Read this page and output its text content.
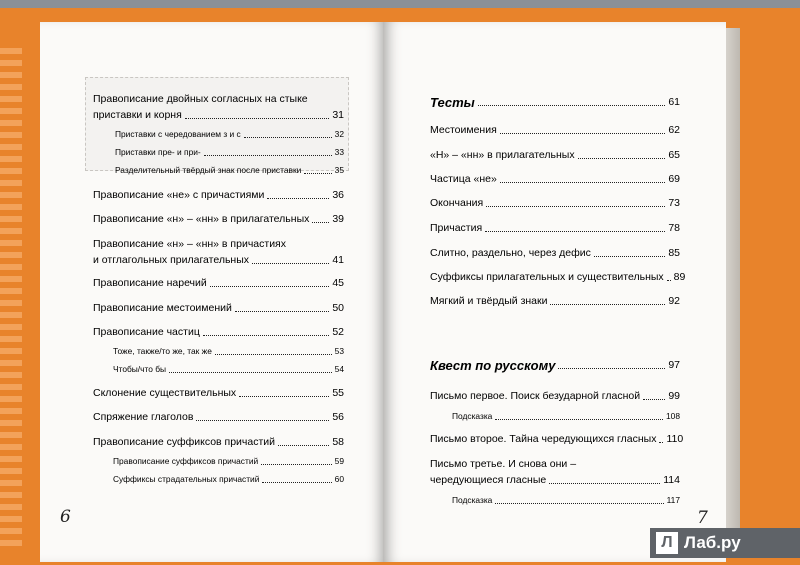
Правописание двойных согласных на стыке
приставки и корня	31
Приставки с чередованием з и с	32
Приставки пре- и при-	33
Разделительный твёрдый знак после приставки	35
Правописание «не» с причастиями	36
Правописание «н» – «нн» в прилагательных 39
Правописание «н» – «нн» в причастиях
и отглагольных прилагательных	41
Правописание наречий	45
Правописание местоимений	50
Правописание частиц	52
Тоже, также/то же, так же	53
Чтобы/что бы	54
Склонение существительных	55
Спряжение глаголов	56
Правописание суффиксов причастий	58
Правописание суффиксов причастий	59
Суффиксы страдательных причастий	60
6
Тесты	61
Местоимения	62
«Н» – «нн» в прилагательных	65
Частица «не»	69
Окончания	73
Причастия	78
Слитно, раздельно, через дефис	85
Суффиксы прилагательных и существительных 89
Мягкий и твёрдый знаки	92
Квест по русскому	97
Письмо первое. Поиск безударной гласной	99
Подсказка	108
Письмо второе. Тайна чередующихся гласных 110
Письмо третье. И снова они –
чередующиеся гласные	114
Подсказка	117
7
Л Лаб.ру
